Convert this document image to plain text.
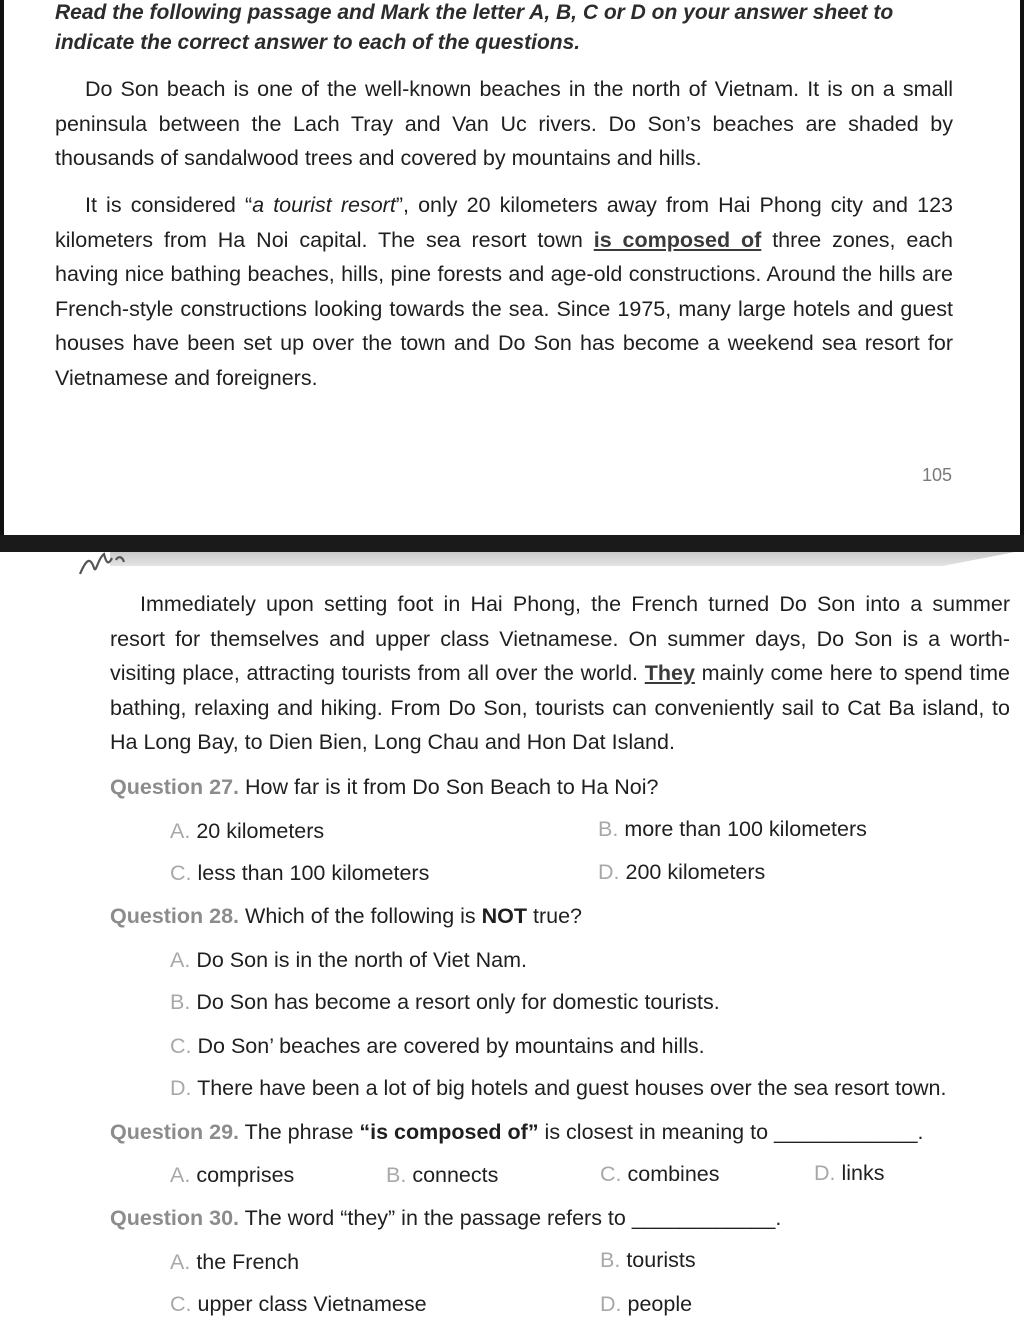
Read the following passage and Mark the letter A, B, C or D on your answer sheet to indicate the correct answer to each of the questions.

Do Son beach is one of the well-known beaches in the north of Vietnam. It is on a small peninsula between the Lach Tray and Van Uc rivers. Do Son’s beaches are shaded by thousands of sandalwood trees and covered by mountains and hills.

It is considered “a tourist resort”, only 20 kilometers away from Hai Phong city and 123 kilometers from Ha Noi capital. The sea resort town is composed of three zones, each having nice bathing beaches, hills, pine forests and age-old constructions. Around the hills are French-style constructions looking towards the sea. Since 1975, many large hotels and guest houses have been set up over the town and Do Son has become a weekend sea resort for Vietnamese and foreigners.

105

Immediately upon setting foot in Hai Phong, the French turned Do Son into a summer resort for themselves and upper class Vietnamese. On summer days, Do Son is a worth-visiting place, attracting tourists from all over the world. They mainly come here to spend time bathing, relaxing and hiking. From Do Son, tourists can conveniently sail to Cat Ba island, to Ha Long Bay, to Dien Bien, Long Chau and Hon Dat Island.

Question 27. How far is it from Do Son Beach to Ha Noi?

A. 20 kilometers	B. more than 100 kilometers
C. less than 100 kilometers	D. 200 kilometers

Question 28. Which of the following is NOT true?

A. Do Son is in the north of Viet Nam.
B. Do Son has become a resort only for domestic tourists.
C. Do Son’ beaches are covered by mountains and hills.
D. There have been a lot of big hotels and guest houses over the sea resort town.

Question 29. The phrase “is composed of” is closest in meaning to ____________.

A. comprises	B. connects	C. combines	D. links

Question 30. The word “they” in the passage refers to ____________.

A. the French	B. tourists
C. upper class Vietnamese	D. people
